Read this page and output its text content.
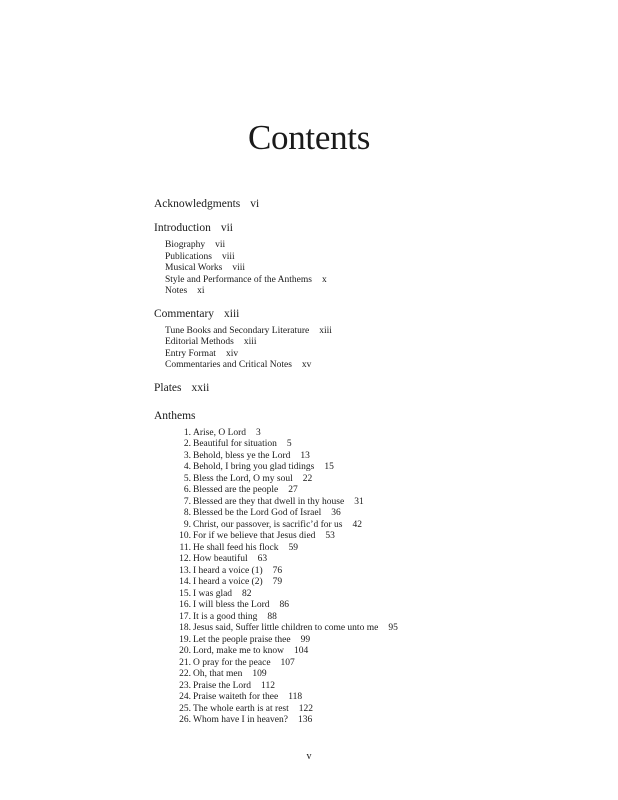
Contents
Acknowledgments vi
Introduction vii
Biography vii
Publications viii
Musical Works viii
Style and Performance of the Anthems x
Notes xi
Commentary xiii
Tune Books and Secondary Literature xiii
Editorial Methods xiii
Entry Format xiv
Commentaries and Critical Notes xv
Plates xxii
Anthems
1. Arise, O Lord 3
2. Beautiful for situation 5
3. Behold, bless ye the Lord 13
4. Behold, I bring you glad tidings 15
5. Bless the Lord, O my soul 22
6. Blessed are the people 27
7. Blessed are they that dwell in thy house 31
8. Blessed be the Lord God of Israel 36
9. Christ, our passover, is sacrific’d for us 42
10. For if we believe that Jesus died 53
11. He shall feed his flock 59
12. How beautiful 63
13. I heard a voice (1) 76
14. I heard a voice (2) 79
15. I was glad 82
16. I will bless the Lord 86
17. It is a good thing 88
18. Jesus said, Suffer little children to come unto me 95
19. Let the people praise thee 99
20. Lord, make me to know 104
21. O pray for the peace 107
22. Oh, that men 109
23. Praise the Lord 112
24. Praise waiteth for thee 118
25. The whole earth is at rest 122
26. Whom have I in heaven? 136
v
